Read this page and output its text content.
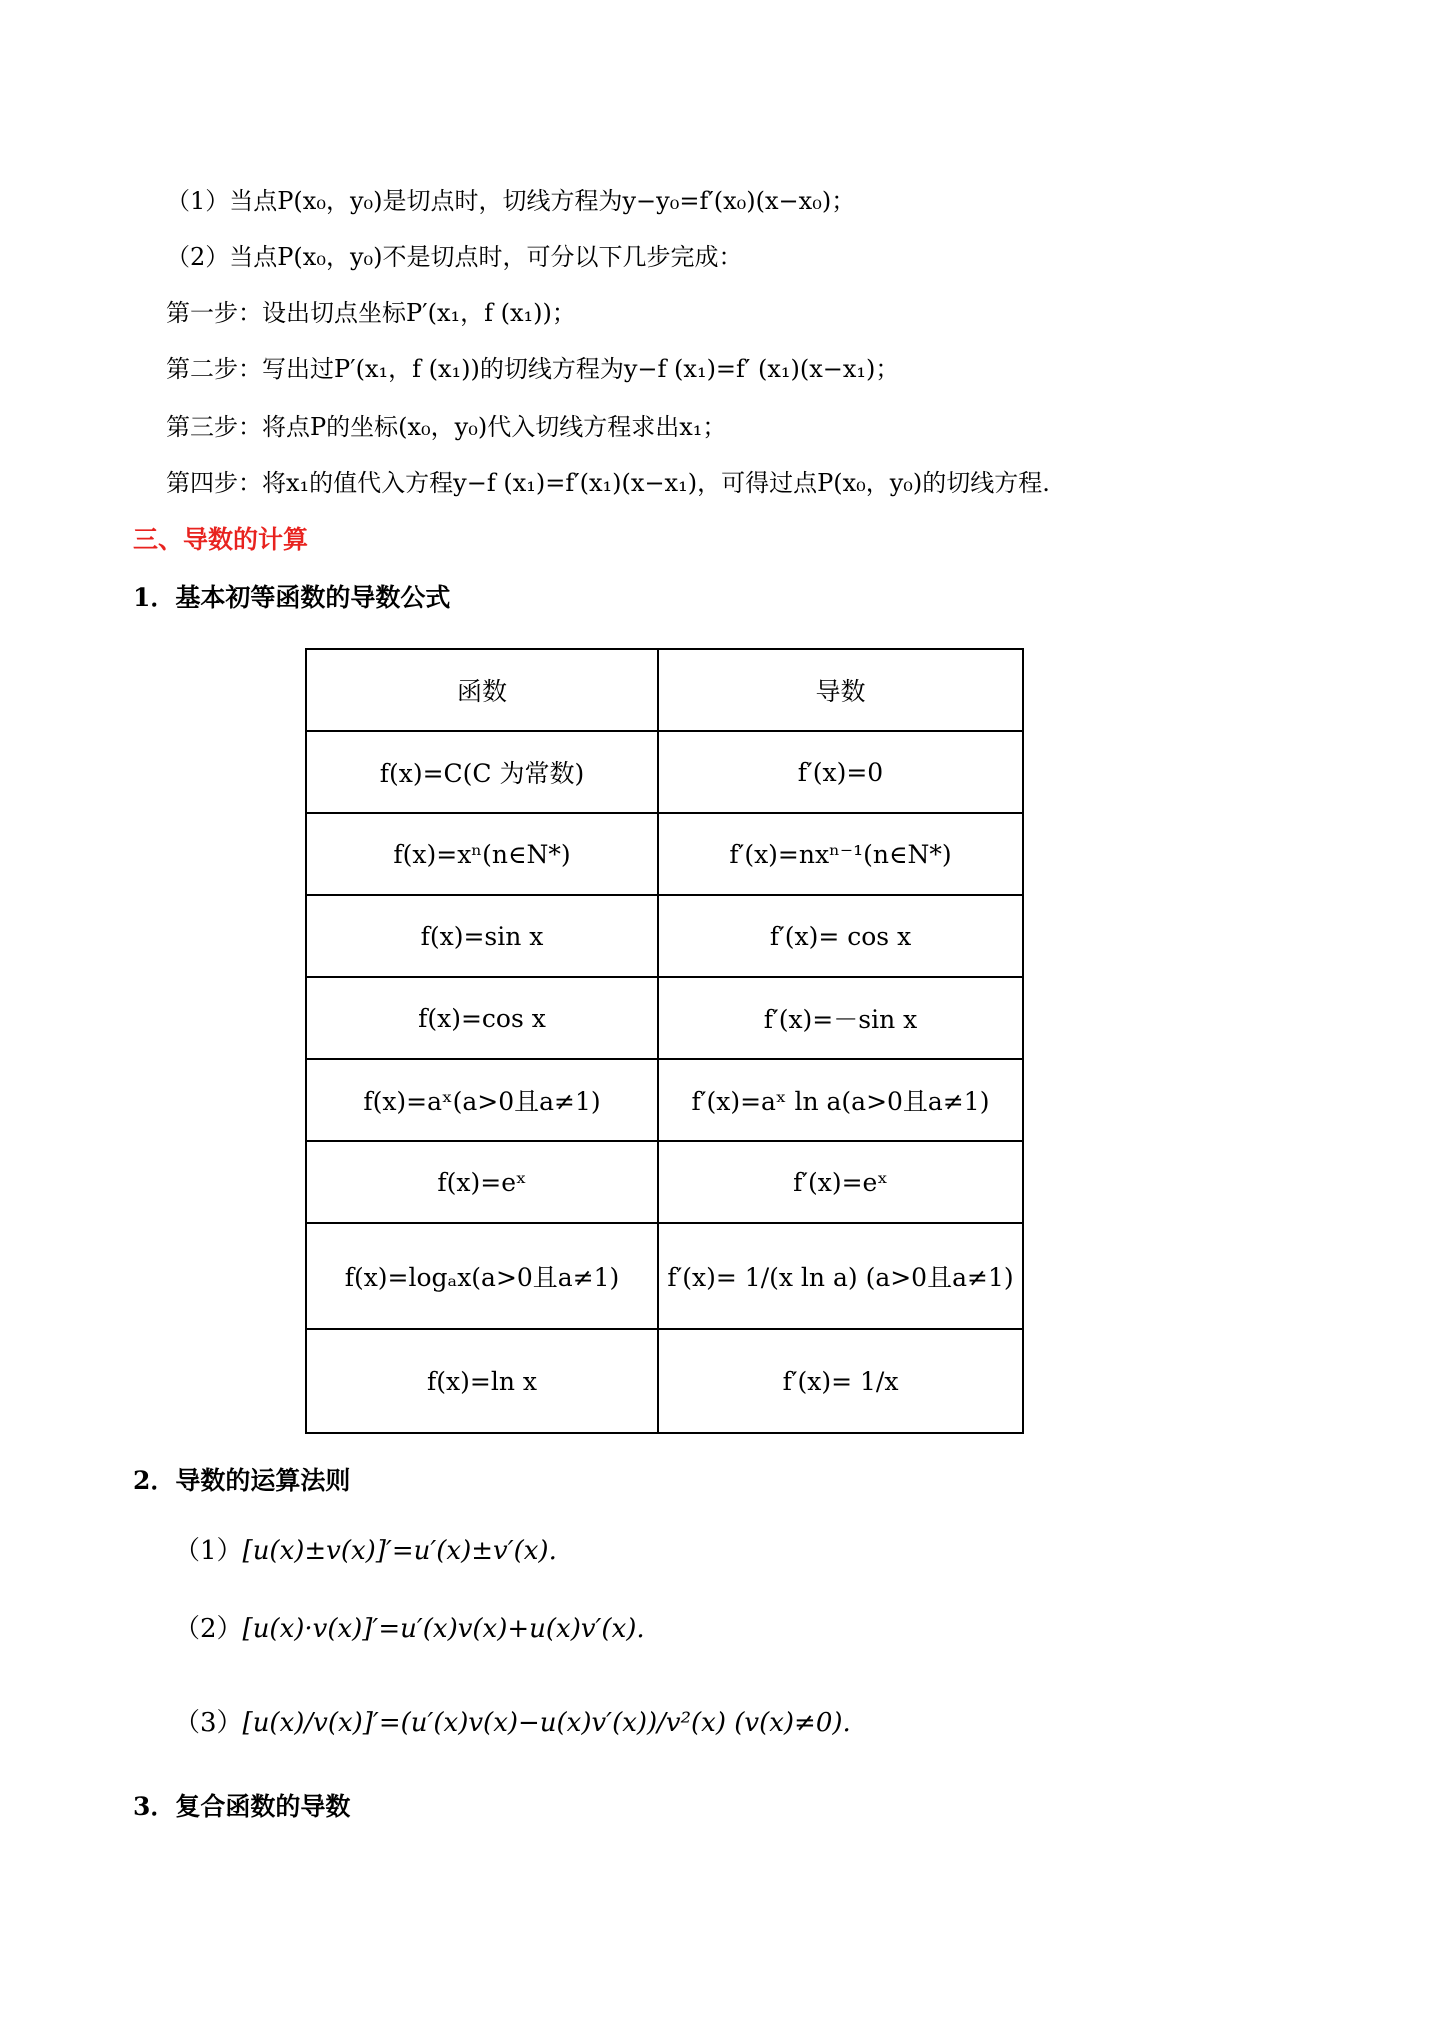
（1）当点P(x₀，y₀)是切点时，切线方程为y−y₀=f′(x₀)(x−x₀)；
（2）当点P(x₀，y₀)不是切点时，可分以下几步完成：
第一步：设出切点坐标P′(x₁，f (x₁))；
第二步：写出过P′(x₁，f (x₁))的切线方程为y−f (x₁)=f′ (x₁)(x−x₁)；
第三步：将点P的坐标(x₀，y₀)代入切线方程求出x₁；
第四步：将x₁的值代入方程y−f (x₁)=f′(x₁)(x−x₁)，可得过点P(x₀，y₀)的切线方程.
三、导数的计算
1．基本初等函数的导数公式
函数	导数
f(x)=C(C 为常数)	f′(x)=0
f(x)=xⁿ(n∈N*)	f′(x)=nxⁿ⁻¹(n∈N*)
f(x)=sin x	f′(x)= cos x
f(x)=cos x	f′(x)=－sin x
f(x)=aˣ(a>0且a≠1)	f′(x)=aˣ ln a(a>0且a≠1)
f(x)=eˣ	f′(x)=eˣ
f(x)=logₐx(a>0且a≠1)	f′(x)= 1/(x ln a) (a>0且a≠1)
f(x)=ln x	f′(x)= 1/x
2．导数的运算法则
（1）[u(x)±v(x)]′=u′(x)±v′(x).
（2）[u(x)·v(x)]′=u′(x)v(x)+u(x)v′(x).
（3）[u(x)/v(x)]′=(u′(x)v(x)−u(x)v′(x))/v²(x) (v(x)≠0).
3．复合函数的导数
